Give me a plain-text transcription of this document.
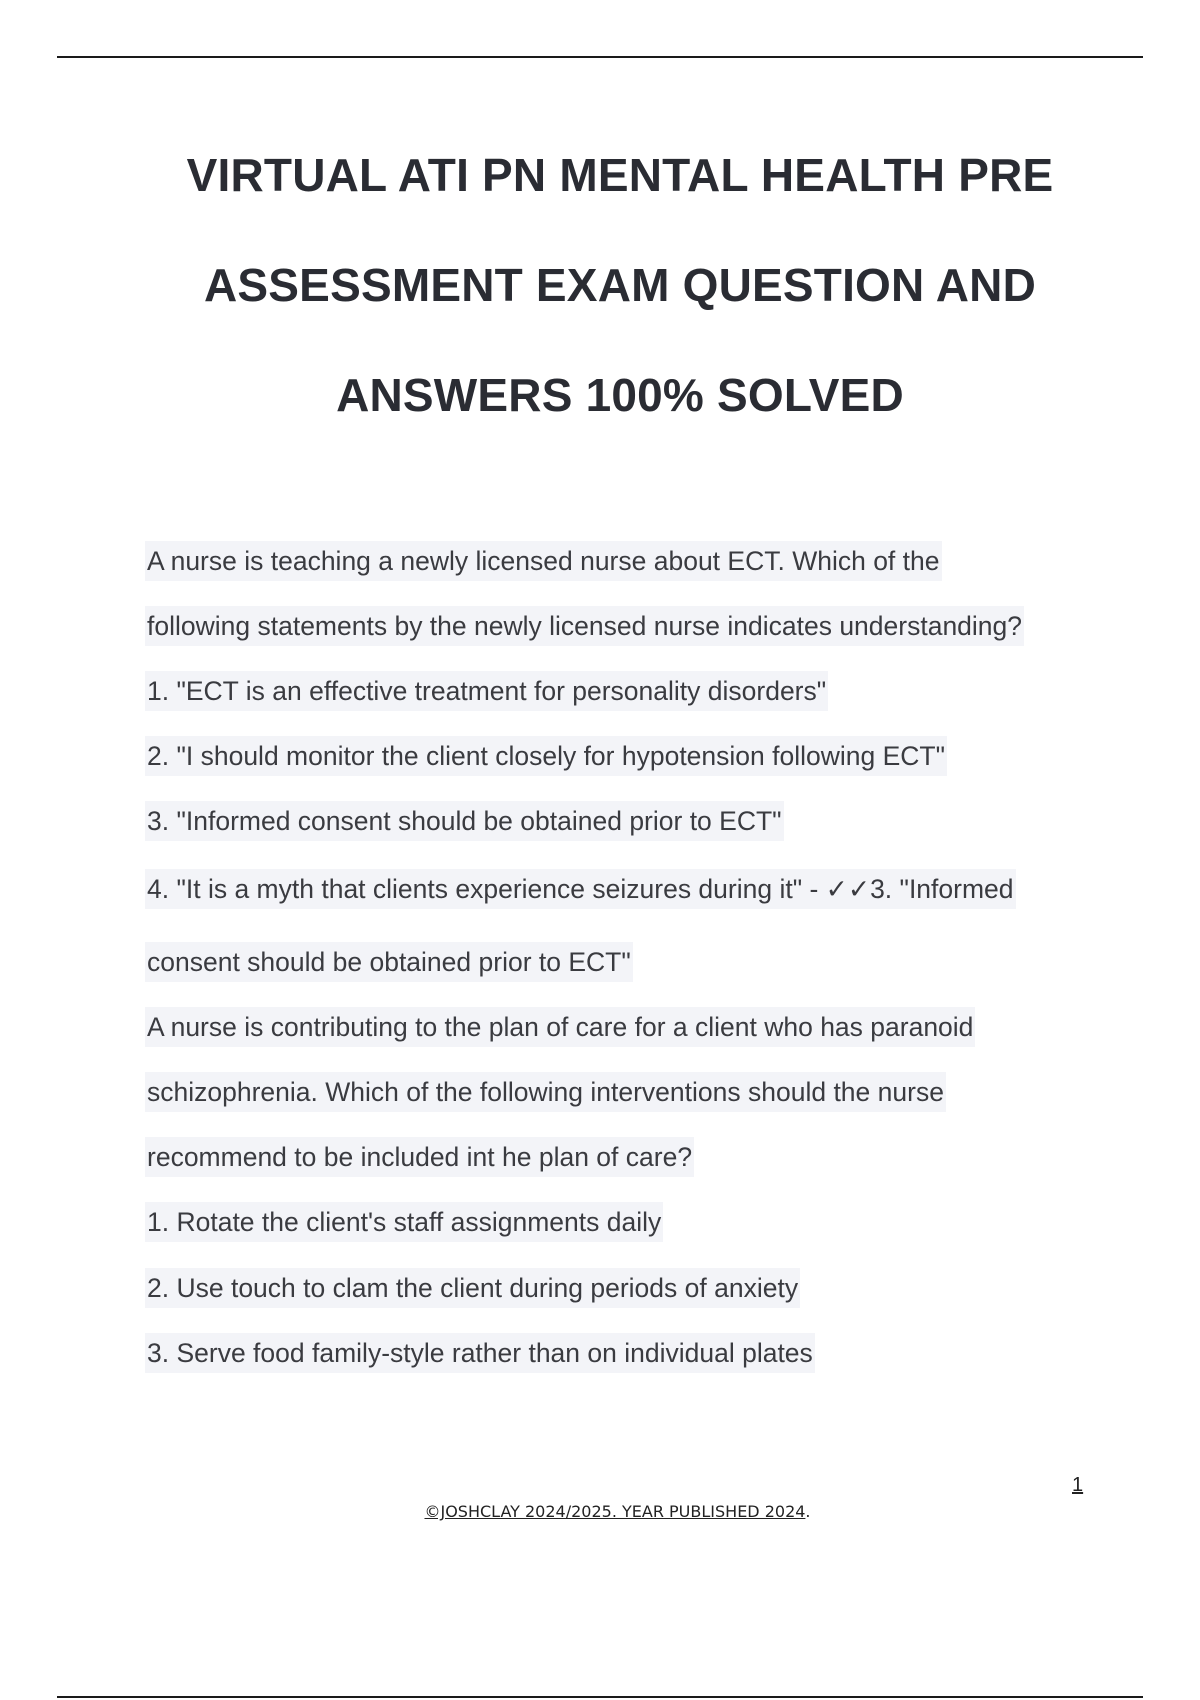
VIRTUAL ATI PN MENTAL HEALTH PRE
ASSESSMENT EXAM QUESTION AND
ANSWERS 100% SOLVED
A nurse is teaching a newly licensed nurse about ECT. Which of the
following statements by the newly licensed nurse indicates understanding?
1. "ECT is an effective treatment for personality disorders"
2. "I should monitor the client closely for hypotension following ECT"
3. "Informed consent should be obtained prior to ECT"
4. "It is a myth that clients experience seizures during it" - ✓✓3. "Informed
consent should be obtained prior to ECT"
A nurse is contributing to the plan of care for a client who has paranoid
schizophrenia. Which of the following interventions should the nurse
recommend to be included int he plan of care?
1. Rotate the client's staff assignments daily
2. Use touch to clam the client during periods of anxiety
3. Serve food family-style rather than on individual plates
1
©JOSHCLAY 2024/2025. YEAR PUBLISHED 2024.
